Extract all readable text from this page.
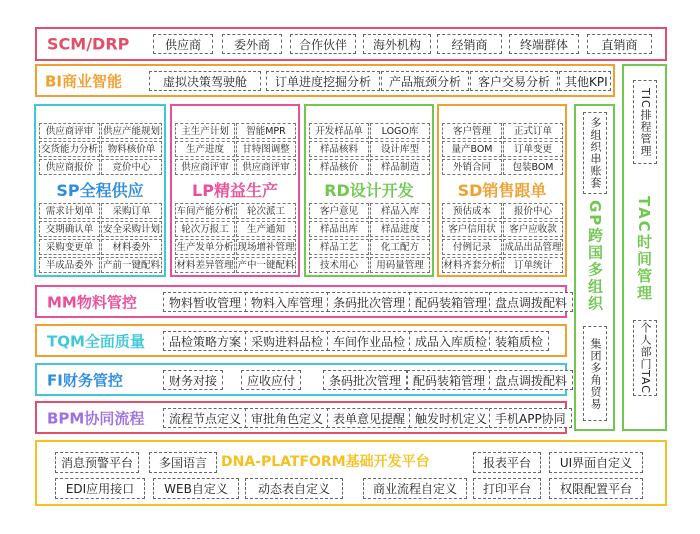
SCM/DRP	供应商	委外商	合作伙伴	海外机构	经销商	终端群体	直销商
BI商业智能	虚拟决策驾驶舱	订单进度挖掘分析	产品瓶颈分析	客户交易分析	其他KPI
供应商评审	供应产能规划
交货能力分析	物料核价单
供应商报价	竞价中心
SP全程供应
需求计划单	采购订单
交期确认单	安全采购计划
采购变更单	材料委外
半成品委外	产前一键配料
主生产计划	智能MPR
生产进度	甘特图调整
供应商评审	供应商评审
LP精益生产
车间产能分析	轮次派工
轮次万报工	生产通知
生产发单分析 现场增补管理
材料差异管理 产中一键配料
开发样品单	LOGO库
样品核料	设计库型
样品核价	样品制造
RD设计开发
客户意见	样品入库
样品出库	样品进度
样品工艺	化工配方
技术用心	用码量管理
客户管理	正式订单
量产BOM	订单变更
外销合同	包装BOM
SD销售跟单
预估成本	报价中心
客户信用状	客户应收款
付例记录	成品出品管理
材料齐套分析	订单统计
多组织串账套
GP跨国多组织
集团多角贸易
TIC排程管理
TAC时间管理
个人部门TAC
MM物料管控	物料暂收管理 物料入库管理 条码批次管理 配码装箱管理 盘点调拨配料
TQM全面质量	品检策略方案 采购进料品检 车间作业品检 成品入库质检 装箱质检
FI财务管控	财务对接	应收应付	条码批次管理 配码装箱管理 盘点调拨配料
BPM协同流程	流程节点定义 审批角色定义 表单意见提醒 触发时机定义 手机APP协同
消息预警平台	多国语言	DNA-PLATFORM基础开发平台	报表平台	UI界面自定义
EDI应用接口	WEB自定义	动态表自定义	商业流程自定义	打印平台	权限配置平台
